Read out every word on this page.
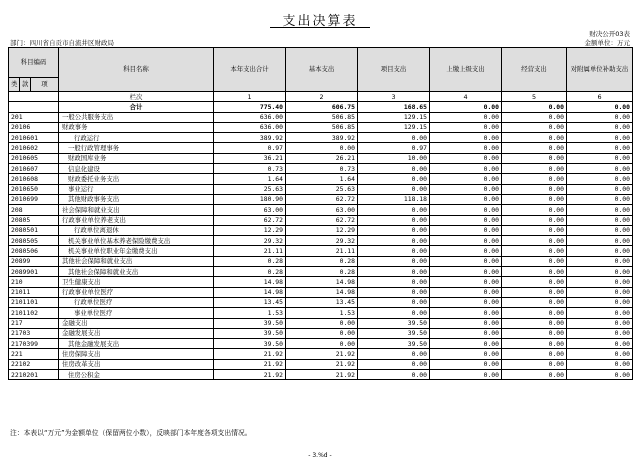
支出决算表
财决公开03表
部门：四川省自贡市自流井区财政局	金额单位：万元
科目编码			科目名称	本年支出合计	基本支出	项目支出	上缴上级支出	经营支出	对附属单位补助支出
类	款	项							
			栏次	1	2	3	4	5	6
			合计	775.40	606.75	168.65	0.00	0.00	0.00
201			一般公共服务支出	636.00	506.85	129.15	0.00	0.00	0.00
20106			财政事务	636.00	506.85	129.15	0.00	0.00	0.00
2010601			行政运行	389.92	389.92	0.00	0.00	0.00	0.00
2010602			一般行政管理事务	0.97	0.00	0.97	0.00	0.00	0.00
2010605			财政国库业务	36.21	26.21	10.00	0.00	0.00	0.00
2010607			信息化建设	0.73	0.73	0.00	0.00	0.00	0.00
2010608			财政委托业务支出	1.64	1.64	0.00	0.00	0.00	0.00
2010650			事业运行	25.63	25.63	0.00	0.00	0.00	0.00
2010699			其他财政事务支出	180.90	62.72	118.18	0.00	0.00	0.00
208			社会保障和就业支出	63.00	63.00	0.00	0.00	0.00	0.00
20805			行政事业单位养老支出	62.72	62.72	0.00	0.00	0.00	0.00
2080501			行政单位离退休	12.29	12.29	0.00	0.00	0.00	0.00
2080505			机关事业单位基本养老保险缴费支出	29.32	29.32	0.00	0.00	0.00	0.00
2080506			机关事业单位职业年金缴费支出	21.11	21.11	0.00	0.00	0.00	0.00
20899			其他社会保障和就业支出	0.28	0.28	0.00	0.00	0.00	0.00
2089901			其他社会保障和就业支出	0.28	0.28	0.00	0.00	0.00	0.00
210			卫生健康支出	14.98	14.98	0.00	0.00	0.00	0.00
21011			行政事业单位医疗	14.98	14.98	0.00	0.00	0.00	0.00
2101101			行政单位医疗	13.45	13.45	0.00	0.00	0.00	0.00
2101102			事业单位医疗	1.53	1.53	0.00	0.00	0.00	0.00
217			金融支出	39.50	0.00	39.50	0.00	0.00	0.00
21703			金融发展支出	39.50	0.00	39.50	0.00	0.00	0.00
2170399			其他金融发展支出	39.50	0.00	39.50	0.00	0.00	0.00
221			住房保障支出	21.92	21.92	0.00	0.00	0.00	0.00
22102			住房改革支出	21.92	21.92	0.00	0.00	0.00	0.00
2210201			住房公积金	21.92	21.92	0.00	0.00	0.00	0.00
注：本表以“万元”为金额单位（保留两位小数），反映部门本年度各项支出情况。
- 3.%d -
